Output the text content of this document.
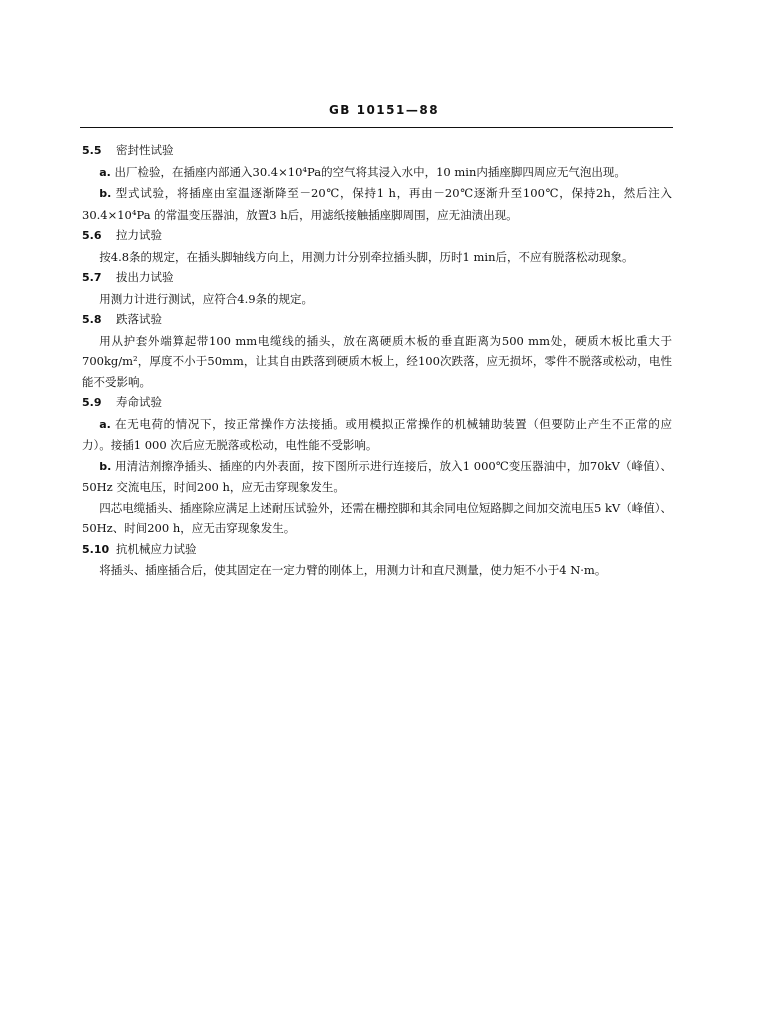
GB 10151—88
5.5 密封性试验

a. 出厂检验，在插座内部通入30.4×10⁴Pa的空气将其浸入水中，10 min内插座脚四周应无气泡出现。

b. 型式试验，将插座由室温逐渐降至－20℃，保持1 h，再由－20℃逐渐升至100℃，保持2h，然后注入30.4×10⁴Pa 的常温变压器油，放置3 h后，用滤纸接触插座脚周围，应无油渍出现。

5.6 拉力试验

按4.8条的规定，在插头脚轴线方向上，用测力计分别牵拉插头脚，历时1 min后，不应有脱落松动现象。

5.7 拔出力试验

用测力计进行测试，应符合4.9条的规定。

5.8 跌落试验

用从护套外端算起带100 mm电缆线的插头，放在离硬质木板的垂直距离为500 mm处，硬质木板比重大于700kg/m²，厚度不小于50mm，让其自由跌落到硬质木板上，经100次跌落，应无损坏，零件不脱落或松动，电性能不受影响。

5.9 寿命试验

a. 在无电荷的情况下，按正常操作方法接插。或用模拟正常操作的机械辅助装置（但要防止产生不正常的应力）。接插1 000 次后应无脱落或松动，电性能不受影响。

b. 用清洁剂擦净插头、插座的内外表面，按下图所示进行连接后，放入1 000℃变压器油中，加70kV（峰值）、50Hz 交流电压，时间200 h，应无击穿现象发生。

四芯电缆插头、插座除应满足上述耐压试验外，还需在栅控脚和其余同电位短路脚之间加交流电压5 kV（峰值）、50Hz、时间200 h，应无击穿现象发生。

5.10 抗机械应力试验

将插头、插座插合后，使其固定在一定力臂的刚体上，用测力计和直尺测量，使力矩不小于4 N·m。
